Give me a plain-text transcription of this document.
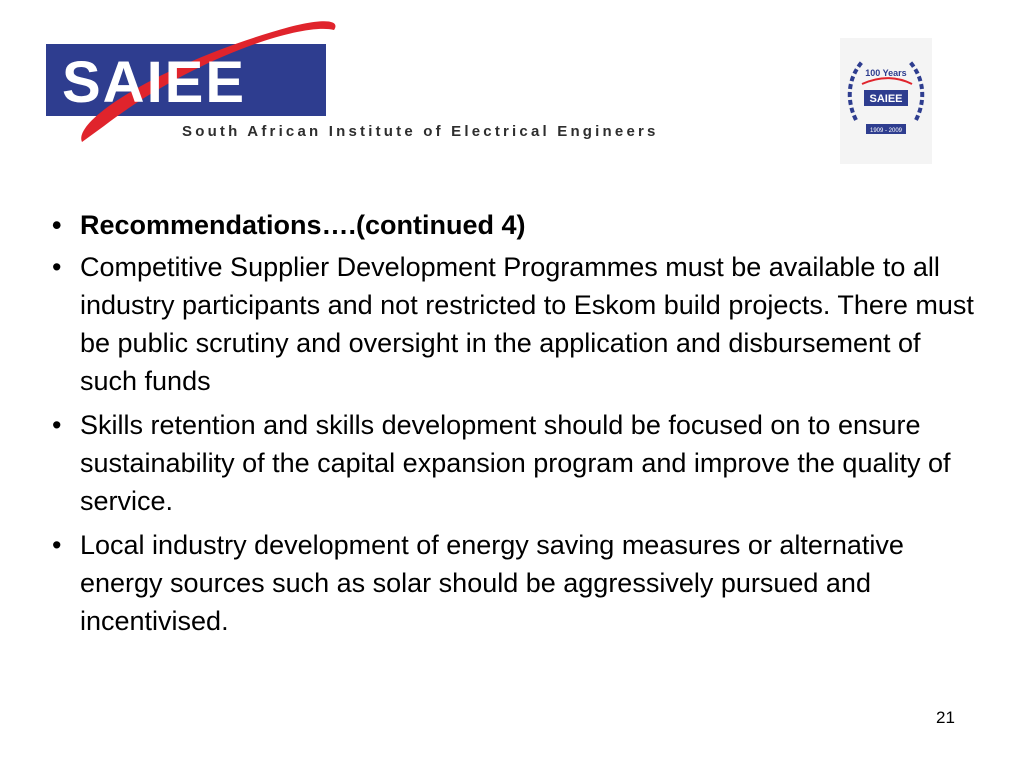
SAIEE
South African Institute of Electrical Engineers
100 Years
SAIEE
1909 - 2009
• Recommendations….(continued 4)
• Competitive Supplier Development Programmes must be available to all industry participants and not restricted to Eskom build projects. There must be public scrutiny and oversight in the application and disbursement of such funds
• Skills retention and skills development should be focused on to ensure sustainability of the capital expansion program and improve the quality of service.
• Local industry development of energy saving measures or alternative energy sources such as solar should be aggressively pursued and incentivised.
21
